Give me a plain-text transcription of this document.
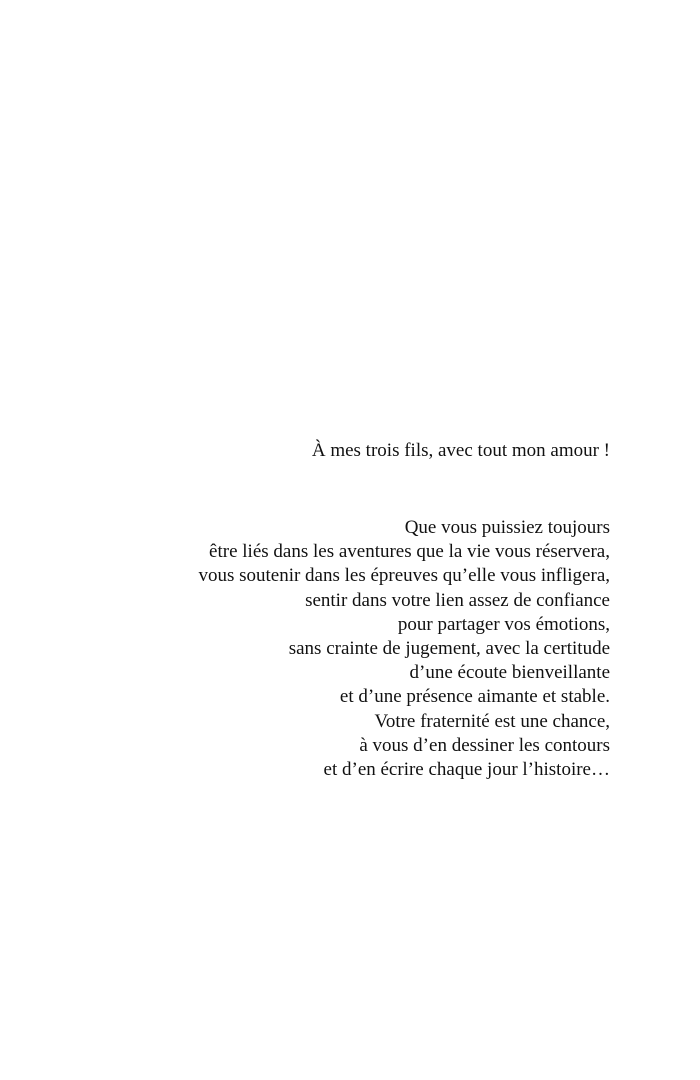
À mes trois fils, avec tout mon amour !

Que vous puissiez toujours
être liés dans les aventures que la vie vous réservera,
vous soutenir dans les épreuves qu’elle vous infligera,
sentir dans votre lien assez de confiance
pour partager vos émotions,
sans crainte de jugement, avec la certitude
d’une écoute bienveillante
et d’une présence aimante et stable.
Votre fraternité est une chance,
à vous d’en dessiner les contours
et d’en écrire chaque jour l’histoire…
